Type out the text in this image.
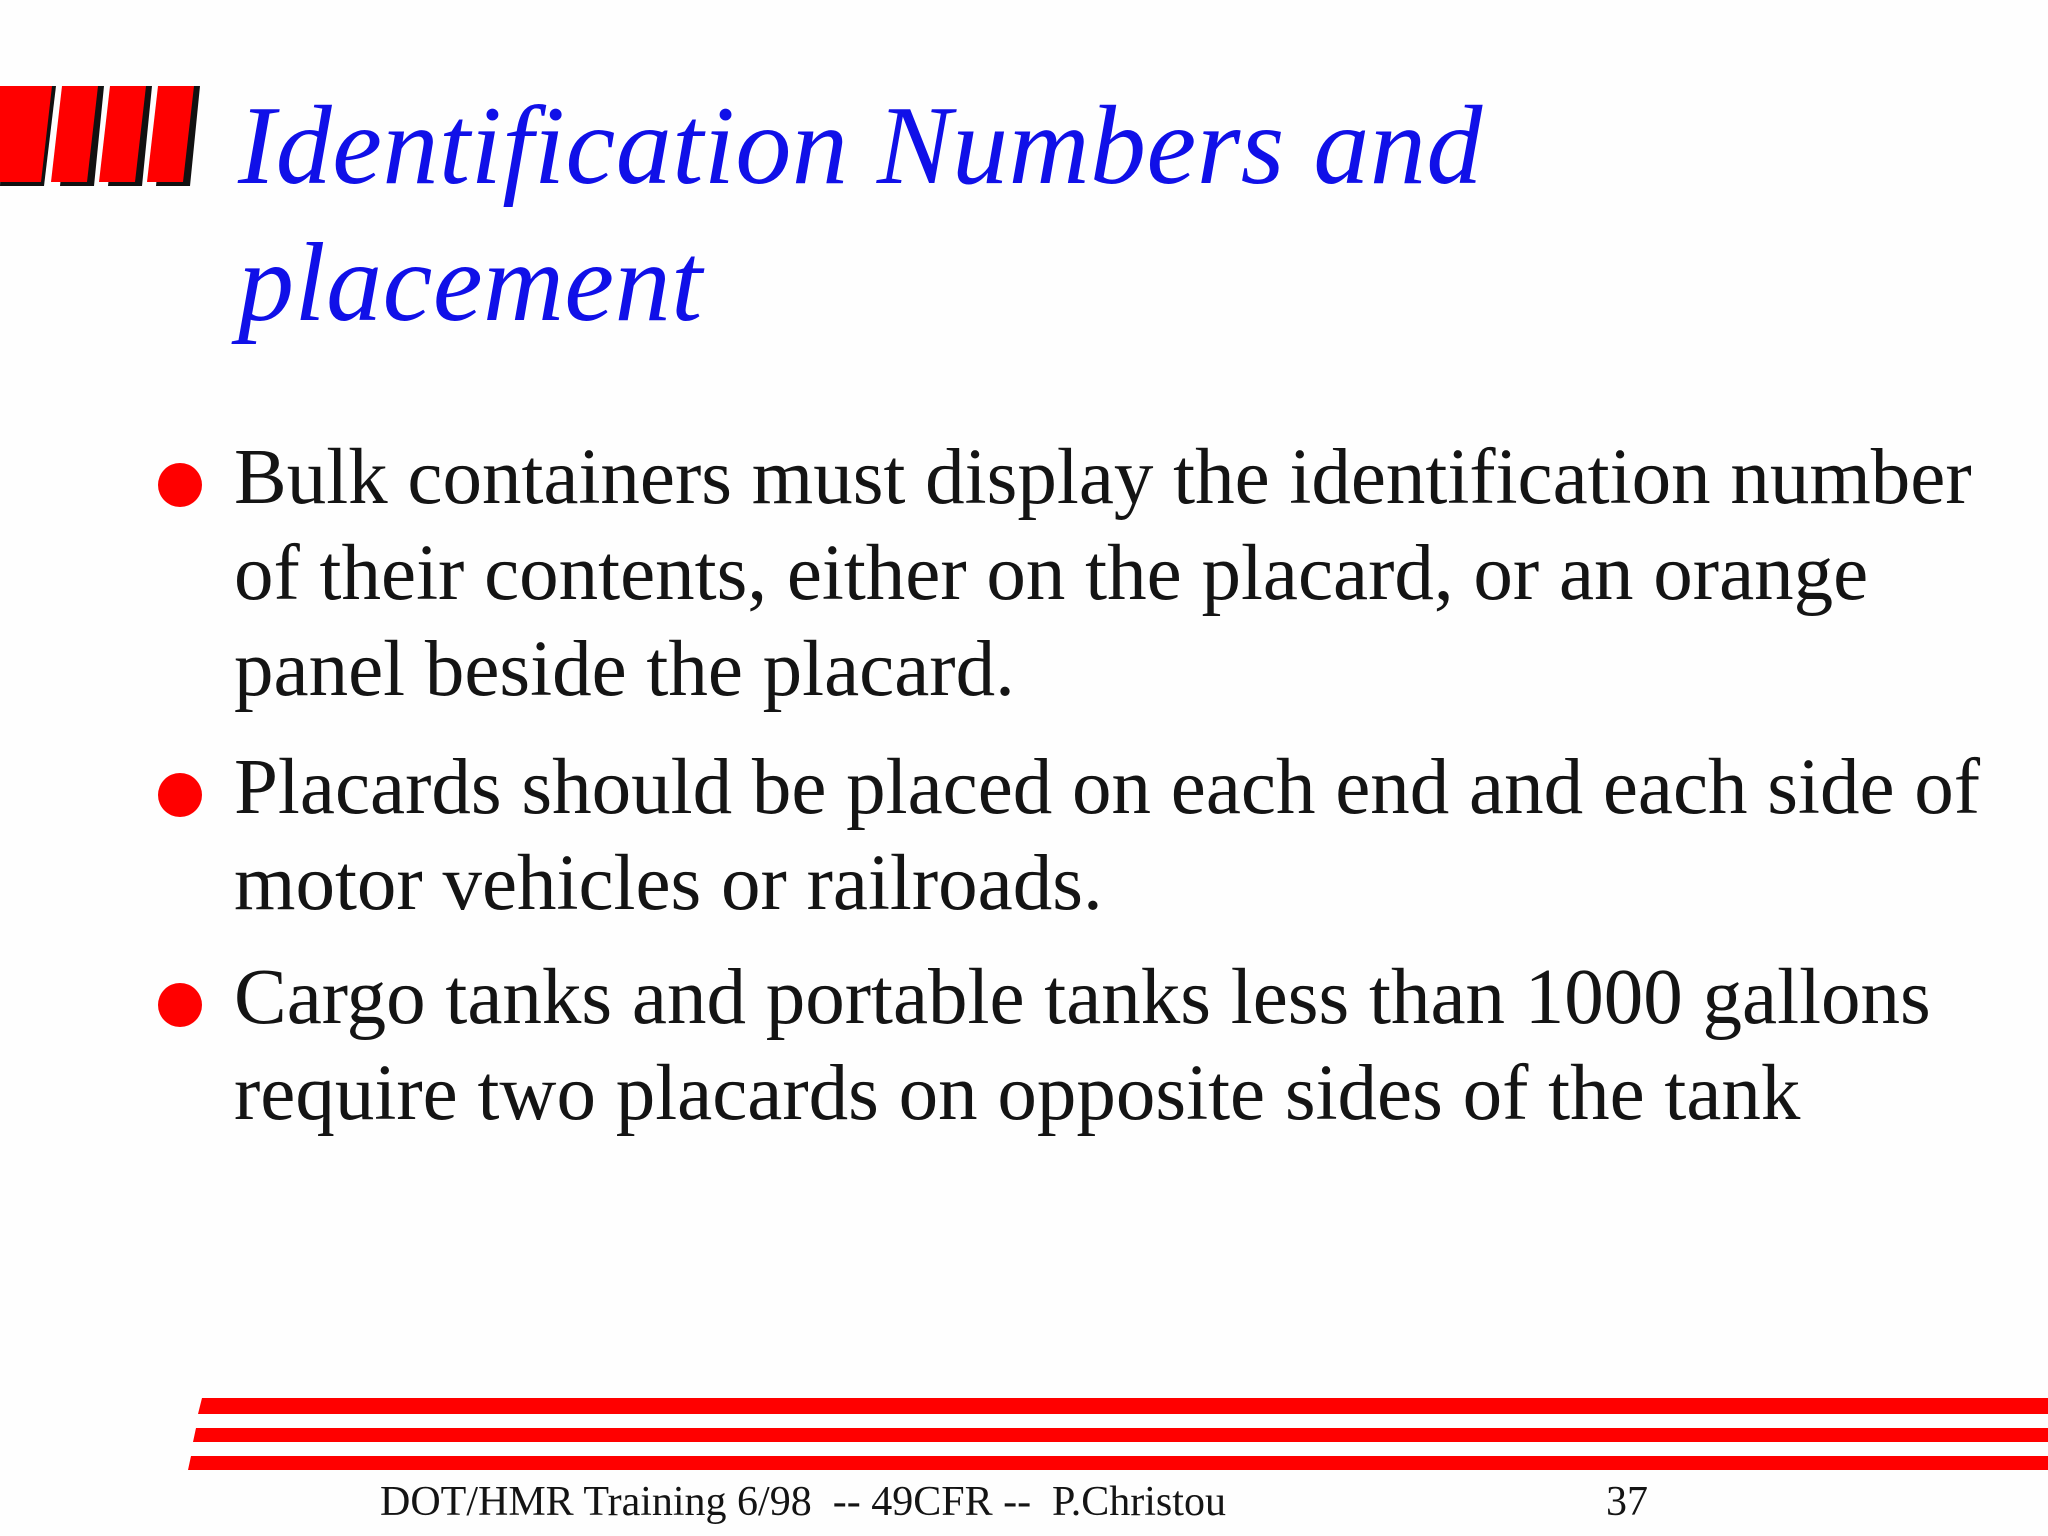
Identification Numbers and
placement
Bulk containers must display the identification number of their contents, either on the placard, or an orange panel beside the placard.
Placards should be placed on each end and each side of motor vehicles or railroads.
Cargo tanks and portable tanks less than 1000 gallons require two placards on opposite sides of the tank
DOT/HMR Training 6/98  -- 49CFR --  P.Christou	37
